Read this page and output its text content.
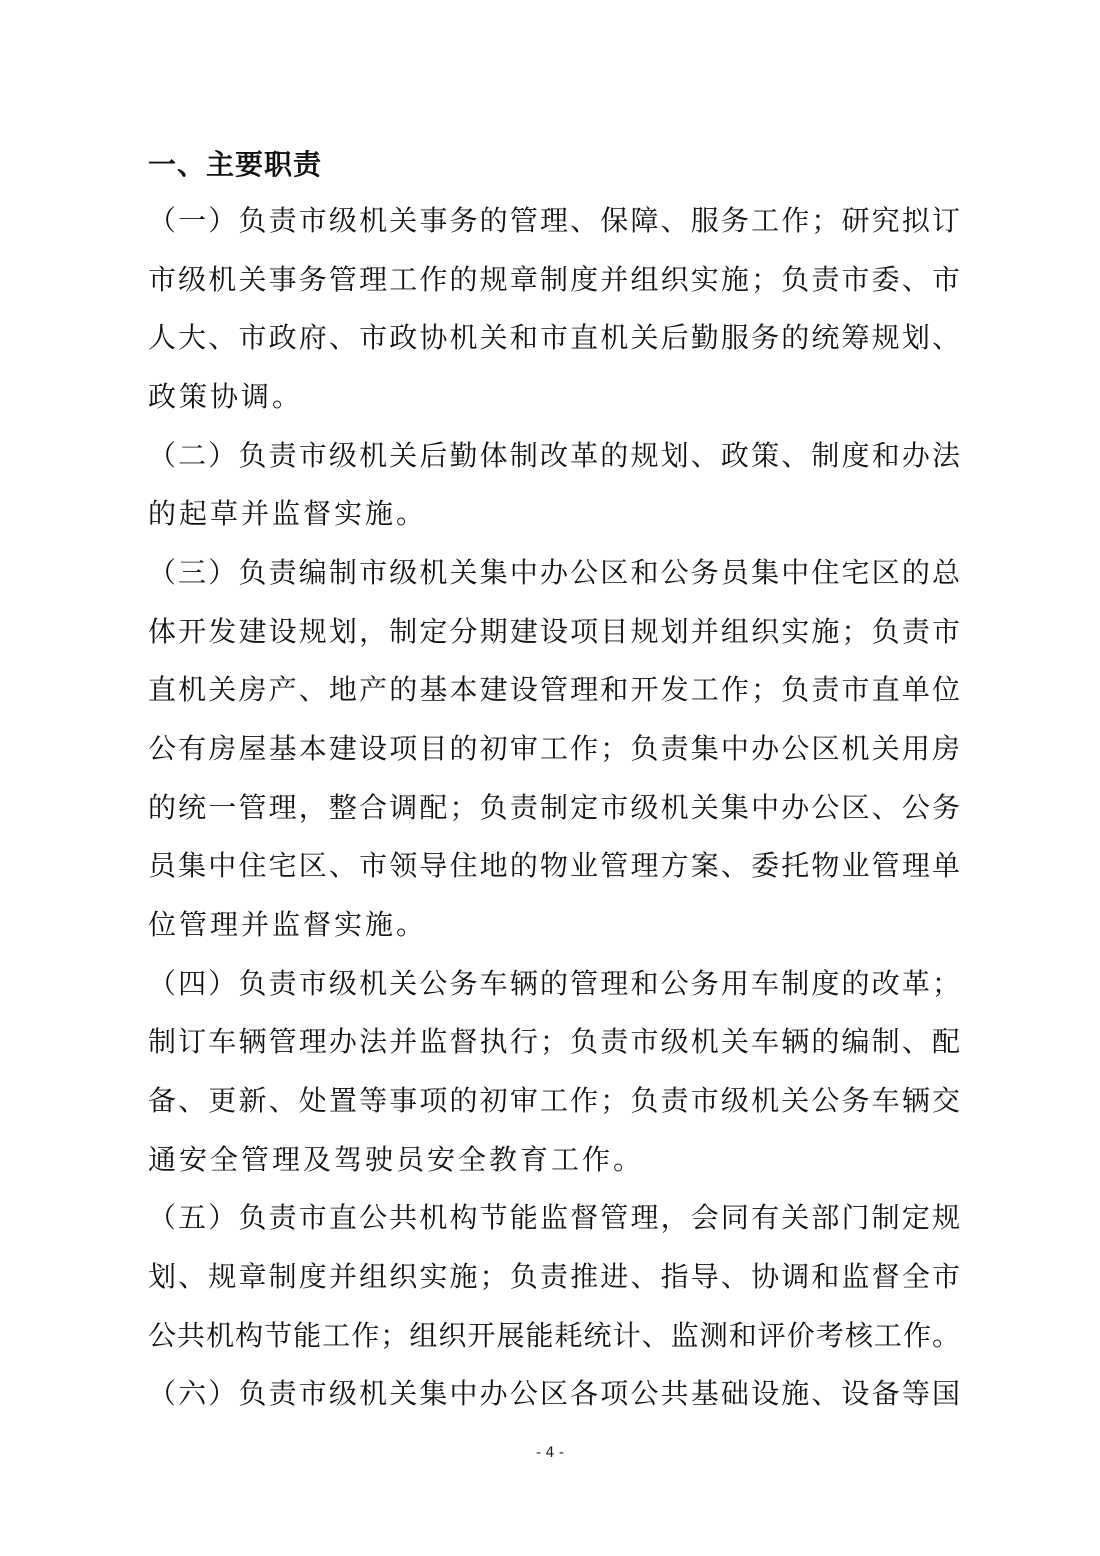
一、主要职责
（一）负责市级机关事务的管理、保障、服务工作；研究拟订
市级机关事务管理工作的规章制度并组织实施；负责市委、市
人大、市政府、市政协机关和市直机关后勤服务的统筹规划、
政策协调。
（二）负责市级机关后勤体制改革的规划、政策、制度和办法
的起草并监督实施。
（三）负责编制市级机关集中办公区和公务员集中住宅区的总
体开发建设规划，制定分期建设项目规划并组织实施；负责市
直机关房产、地产的基本建设管理和开发工作；负责市直单位
公有房屋基本建设项目的初审工作；负责集中办公区机关用房
的统一管理，整合调配；负责制定市级机关集中办公区、公务
员集中住宅区、市领导住地的物业管理方案、委托物业管理单
位管理并监督实施。
（四）负责市级机关公务车辆的管理和公务用车制度的改革；
制订车辆管理办法并监督执行；负责市级机关车辆的编制、配
备、更新、处置等事项的初审工作；负责市级机关公务车辆交
通安全管理及驾驶员安全教育工作。
（五）负责市直公共机构节能监督管理，会同有关部门制定规
划、规章制度并组织实施；负责推进、指导、协调和监督全市
公共机构节能工作；组织开展能耗统计、监测和评价考核工作。
（六）负责市级机关集中办公区各项公共基础设施、设备等国
- 4 -
